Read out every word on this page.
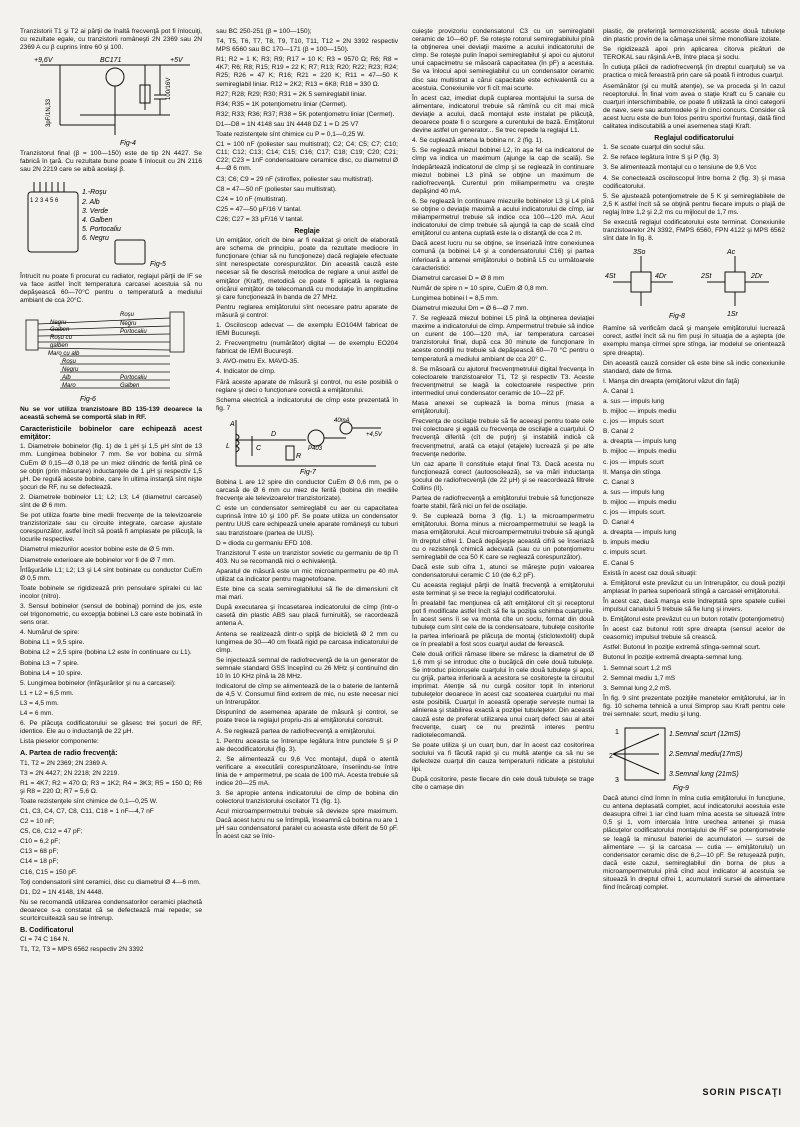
Tranzistorii T1 şi T2 ai părţii de înaltă frecvenţă pot fi înlocuiţi, cu rezultate egale, cu tranzistorii româneşti 2N 2369 sau 2N 2369 A cu β cuprins între 60 şi 100.

+9,6V	BC171	+5V
3pF/1N,33
100/16V
Fig-4

Tranzistorul final (β = 100—150) este de tip 2N 4427. Se fabrică în ţară. Cu rezultate bune poate fi înlocuit cu 2N 2116 sau 2N 2219 care se aibă acelaşi β.

1 2 3 4 5 6
1.-Roşu
2. Alb
3. Verde
4. Galben
5. Portocaliu
6. Negru
Fig-5

Întrucît nu poate fi procurat cu radiator, reglajul părţii de IF se va face astfel încît temperatura carcasei acestuia să nu depăşească 60—70°C pentru o temperatură a mediului ambiant de cca 20°C.

Roşu
Negru	Negru
Galben
Roşu cu
Portocaliu
galben
Maro cu alb
Roşu
Negru
Alb
Maro
Portocaliu
Galben
Fig-6

Nu se vor utiliza tranzistoare BD 135-139 deoarece la această schemă se comportă slab în RF.

Caracteristicile bobinelor care echipează acest emiţător:

1. Diametrele bobinelor (fig. 1) de 1 μH şi 1,5 μH sînt de 13 mm. Lungimea bobinelor 7 mm. Se vor bobina cu sîrmă CuEm Ø 0,15—Ø 0,18 pe un miez cilindric de ferită pînă ce se obţin (prin măsurare) inductanţele de 1 μH şi respectiv 1,5 μH. De regulă aceste bobine, care în ultima instanţă sînt nişte şocuri de RF, nu se defectează.

2. Diametrele bobinelor L1; L2; L3; L4 (diametrul carcasei) sînt de Ø 6 mm.

Se pot utiliza foarte bine medii frecvenţe de la televizoarele tranzistorizate sau cu circuite integrate, carcase ajustate corespunzător, astfel încît să poată fi amplasate pe plăcuţă, la locurile respective.

Diametrul miezurilor acestor bobine este de Ø 5 mm.

Diametrele exterioare ale bobinelor vor fi de Ø 7 mm.

Înfăşurările L1; L2; L3 şi L4 sînt bobinate cu conductor CuEm Ø 0,5 mm.

Toate bobinele se rigidizează prin pensulare spiralei cu lac incolor (nitro).

3. Sensul bobinelor (sensul de bobinaj) pornind de jos, este cel trigonometric, cu excepţia bobinei L3 care este bobinată în sens orar.

4. Numărul de spire:

Bobina L1 = 9,5 spire.

Bobina L2 = 2,5 spire (bobina L2 este în continuare cu L1).

Bobina L3 = 7 spire.

Bobina L4 = 10 spire.

5. Lungimea bobinelor (înfăşurărilor şi nu a carcasei):

L1 + L2 = 6,5 mm.

L3 = 4,5 mm.

L4 = 6 mm.

6. Pe plăcuţa codificatorului se găsesc trei şocuri de RF, identice. Ele au o inductanţă de 22 μH.

Lista pieselor componente:

A. Partea de radio frecvenţă:

T1, T2 = 2N 2369; 2N 2369 A.

T3 = 2N 4427; 2N 2218; 2N 2219.

R1 = 4K7; R2 = 470 Ω; R3 = 1K2; R4 = 3K3; R5 = 150 Ω; R6 şi R8 = 220 Ω; R7 = 5,6 Ω.

Toate rezistenţele sînt chimice de 0,1—0,25 W.

C1, C3, C4, C7, C8, C11, C18 = 1 nF—4,7 nF

C2 = 10 nF;

C5, C6, C12 = 47 pF;

C10 = 6,2 pF;

C13 = 68 pF;

C14 = 18 pF;

C16, C15 = 150 pF.

Toţi condensatorii sînt ceramici, disc cu diametrul Ø 4—6 mm.

D1, D2 = 1N 4148, 1N 4448.

Nu se recomandă utilizarea condensatorilor ceramici plachetă deoarece s-a constatat că se defectează mai repede; se scurtcircuitează sau se întrerup.

B. Codificatorul

CI = 74 C 164 N.

T1, T2, T3 = MPS 6562 respectiv 2N 3392

sau BC 250-251 (β = 100—150);

T4, T5, T6, T7, T8, T9, T10, T11, T12 = 2N 3392 respectiv MPS 6560 sau BC 170—171 (β = 100—150).

R1; R2 = 1 K; R3; R9; R17 = 10 K; R3 = 9570 Ω; R6; R8 = 4K7; R6; R8; R15; R19 = 22 K; R7; R13; R20; R22; R23; R24; R25; R26 = 47 K; R16; R21 = 220 K; R11 = 47—50 K semireglabil liniar. R12 = 2K2; R13 = 6K8; R18 = 330 Ω.

R27; R28; R29; R30; R31 = 2K 5 semireglabil liniar.

R34; R35 = 1K potenţiometru liniar (Cermet).

R32; R33; R36; R37; R38 = 5K potenţiometru liniar (Cermet).

D1—D8 = 1N 4148 sau 1N 4448 DZ 1 = D 25 V7

Toate rezistenţele sînt chimice cu P = 0,1—0,25 W.

C1 = 100 nF (poliester sau multistrat); C2; C4; C5; C7; C10; C11; C12; C13; C14; C15; C16; C17; C18; C19; C20; C21; C22; C23 = 1nF condensatoare ceramice disc, cu diametrul Ø 4—Ø 6 mm.

C3; C6; C9 = 29 nF (stiroflex, poliester sau multistrat).

C8 = 47—50 nF (poliester sau multistrat).

C24 = 10 nF (multistrat).

C25 = 47—50 μF/16 V tantal.

C26; C27 = 33 μF/16 V tantal.

Reglaje

Un emiţător, oricît de bine ar fi realizat şi oricît de elaborată are schema de principiu, poate da rezultate mediocre în funcţionare (chiar să nu funcţioneze) dacă reglajele efectuate sînt nerespectate corespunzător. Din această cauză este necesar să fie descrisă metodica de reglare a unui astfel de emiţător (Kraft), metodică ce poate fi aplicată la reglarea oricărui emiţător de telecomandă cu modulaţie în amplitudine şi care funcţionează în banda de 27 MHz.

Pentru reglarea emiţătorului sînt necesare patru aparate de măsură şi control:

1. Osciloscop adecvat — de exemplu EO104M fabricat de IEMI Bucureşti.

2. Frecvenţmetru (numărător) digital — de exemplu EO204 fabricat de IEMI Bucureşti.

3. AVO-metru Ex. MAVO-35.

4. Indicator de cîmp.

Fără aceste aparate de măsură şi control, nu este posibilă o reglare şi deci o funcţionare corectă a emiţătorului.

Schema electrică a indicatorului de cîmp este prezentată în fig. 7

A	40mA
+4,5V
P403
L	C
D
R
Fig-7

Bobina L are 12 spire din conductor CuEm Ø 0,6 mm, pe o carcasă de Ø 6 mm cu miez de ferită (bobina din mediile frecvenţe ale televizoarelor tranzistorizate).

C este un condensator semireglabil cu aer cu capacitatea cuprinsă între 10 şi 100 pF. Se poate utiliza un condensator pentru UUS care echipează unele aparate româneşti cu tuburi sau tranzistoare (partea de UUS).

D = dioda cu germaniu EFD 108.

Tranzistorul T este un tranzistor sovietic cu germaniu de tip П 403. Nu se recomandă nici o echivalenţă.

Aparatul de măsură este un mic microampermetru pe 40 mA utilizat ca indicator pentru magnetofoane.

Este bine ca scala semireglabilului să fie de dimensiuni cît mai mari.

După executarea şi încasetarea indicatorului de cîmp (într-o casetă din plastic ABS sau placă furniruită), se racordează antena A.

Antena se realizează dintr-o spiţă de bicicletă Ø 2 mm cu lungimea de 30—40 cm fixată rigid pe carcasa indicatorului de cîmp.

Se injectează semnal de radiofrecvenţă de la un generator de semnale standard GSS începînd cu 26 MHz şi continuînd din 10 în 10 KHz pînă la 28 MHz.

Indicatorul de cîmp se alimentează de la o baterie de lanternă de 4,5 V. Consumul fiind extrem de mic, nu este necesar nici un întrerupător.

Dispunînd de asemenea aparate de măsură şi control, se poate trece la reglajul propriu-zis al emiţătorului construit.

A. Se reglează partea de radiofrecvenţă a emiţătorului.

1. Pentru aceasta se întrerupe legătura între punctele S şi P ale decodificatorului (fig. 3).

2. Se alimentează cu 9,6 Vcc montajul, după o atentă verificare a executării corespunzătoare, înseriindu-se între linia de + ampermetrul, pe scala de 100 mA. Acesta trebuie să indice 20—25 mA.

3. Se apropie antena indicatorului de cîmp de bobina din colectorul tranzistorului oscilator T1 (fig. 1).

Acul microampermetrului trebuie să devieze spre maximum. Dacă acest lucru nu se întîmplă, înseamnă că bobina nu are 1 μH sau condensatorul paralel cu aceasta este diferit de 50 pF. În acest caz se înlo-

cuieşte provizoriu condensatorul C3 cu un semireglabil ceramic de 10—60 pF. Se roteşte rotorul semireglabilului pînă la obţinerea unei deviaţii maxime a acului indicatorului de cîmp. Se roteşte pulin înapoi semireglabilul şi apoi cu ajutorul unui capacimetru se măsoară capacitatea (în pF) a acestuia. Se va înlocui apoi semireglabilul cu un condensator ceramic disc sau multistrat a cărui capacitate este echivalentă cu a acestuia. Conexiunile vor fi cît mai scurte.

În acest caz, imediat după cuplarea montajului la sursa de alimentare, indicatorul trebuie să rămînă cu cît mai mică deviaţie a acului, dacă montajul este instalat pe plăcuţă, deoarece poate fi o scurgere a curentului de bază. Emiţătorul devine astfel un generator... Se trec repede la reglajul L1.

4. Se cuplează antena la bobina nr. 2 (fig. 1).

5. Se reglează miezul bobinei L2, în aşa fel ca indicatorul de cîmp va indica un maximum (ajunge la cap de scală). Se îndepărtează indicatorul de cîmp şi se reglează în continuare miezul bobinei L3 pînă se obţine un maximum de radiofrecvenţă. Curentul prin miliampermetru va creşte depăşind 40 mA.

6. Se reglează în continuare miezurile bobinelor L3 şi L4 pînă se obţine o deviaţie maximă a acului indicatorului de cîmp, iar miliampermetrul trebuie să indice cca 100—120 mA. Acul indicatorului de cîmp trebuie să ajungă la cap de scală cînd emiţătorul cu antena cuplată este la o distanţă de cca 2 m.

Dacă acest lucru nu se obţine, se înseriază între conexiunea comună (a bobinei L4 şi a condensatorului C16) şi partea inferioară a antenei emiţătorului o bobină L5 cu următoarele caracteristici:

Diametrul carcasei D = Ø 8 mm

Număr de spire n = 10 spire, CuEm Ø 0,8 mm.

Lungimea bobinei l = 8,5 mm.

Diametrul miezului Dm = Ø 6—Ø 7 mm.

7. Se reglează miezul bobinei L5 pînă la obţinerea deviaţiei maxime a indicatorului de cîmp. Ampermetrul trebuie să indice un curent de 100—120 mA, iar temperatura carcasei tranzistorului final, după cca 30 minute de funcţionare în aceste condiţii nu trebuie să depăşească 60—70 °C pentru o temperatură a mediului ambiant de cca 20° C.

8. Se măsoară cu ajutorul frecvenţmetrului digital frecvenţa în colectoarele tranzistoarelor T1, T2 şi respectiv T3. Aceste frecvenţmetrul se leagă la colectoarele respective prin intermediul unui condensator ceramic de 10—22 pF.

Masa anexei se cuplează la borna minus (masa a emiţătorului).

Frecvenţa de oscilaţie trebuie să fie aceeaşi pentru toate cele trei colectoare şi egală cu frecvenţa de oscilaţie a cuarţului. O frecvenţă diferită (cît de puţin) şi instabilă indică că frecvenţmetrul, arată ca etajul (etajele) lucrează şi pe alte frecvenţe nedorite.

Un caz aparte îl constituie etajul final T3. Dacă acesta nu funcţionează corect (autooscilează), se va mări inductanţa şocului de radiofrecvenţă (de 22 μH) şi se reacordează filtrele Collins (II).

Partea de radiofrecvenţă a emiţătorului trebuie să funcţioneze foarte stabil, fără nici un fel de oscilaţie.

9. Se cuplează borna 3 (fig. 1.) la microampermetru emiţătorului. Borna minus a microampermetrului se leagă la masa emiţătorului. Acul microampermetrului trebuie să ajungă în dreptul cifrei 1. Dacă depăşeşte această cifră se înseriază cu o rezistenţă chimică adecvată (sau cu un potenţiometru semireglabil de cca 50 K care se reglează corespunzător).

Dacă este sub cifra 1, atunci se măreşte puţin valoarea condensatorului ceramic C 10 (de 6,2 pF).

Cu aceasta reglajul părţii de înaltă frecvenţă a emiţătorului este terminat şi se trece la reglajul codificatorului.

În prealabil fac menţiunea că atît emiţătorul cît şi receptorul pot fi modificate astfel încît să fie la poziţia schimba cuarţurile. În acest sens îi se va monta cîte un soclu, format din două tubuleţe cum sînt cele de la condensatoare, tubuleţe cositorite la partea inferioară pe plăcuţa de montaj (sticlotextolit) după ce în prealabil a fost scos cuarţul audat de ferească.

Cele două orificii rămase libere se măresc la diametrul de Ø 1,6 mm şi se introduc cîte o bucăţică din cele două tubuleţe. Se introduc piciorușele cuarţului în cele două tubuleţe şi apoi, cu grijă, partea inferioară a acestora se cositoreşte la circuitul imprimat. Atenţie să nu curgă cositor topit în interiorul tubuleţelor deoarece în acest caz scoaterea cuarţului nu mai este posibilă. Cuarţul în această operaţie servește numai la alinierea şi stabilirea exactă a poziţiei tubuleţelor. Din această cauză este de preferat utilizarea unui cuarţ defect sau al altei frecvenţe, cuarţ ce nu prezintă interes pentru radiotelecomandă.

Se poate utiliza şi un cuarţ bun, dar în acest caz cositorirea soclului va fi făcută rapid şi cu multă atenţie ca să nu se defecteze cuarţul din cauza temperaturii ridicate a pistolului lipi.

După cositorire, peste fiecare din cele două tubuleţe se trage cîte o camașe din

plastic, de preferinţă termorezistentă; aceste două tubuleţe din plastic provin de la cămaşa unei sîrme monofilare izolate.

Se rigidizează apoi prin aplicarea cîtorva picături de TEROKAL sau răşină A+B, între placa şi soclu.

În cutiuţa plăcii de radiofrecvenţă (în dreptul cuarţului) se va practica o mică fereastră prin care să poată fi introdus cuarţul.

Asemănător (şi cu multă atenţie), se va proceda şi în cazul receptorului. În final vom avea o staţie Kraft cu 5 canale cu cuarţuri interschimbabile, ce poate fi utilizată la cinci categorii de nave, sere sau automodele şi în cinci concurs. Consider că acest lucru este de bun folos pentru sportivi fruntaşi, dată fiind calitatea indiscutabilă a unei asemenea staţii Kraft.

Reglajul codificatorului

1. Se scoate cuarţul din soclul său.

2. Se reface legătura între S şi P (fig. 3)

3. Se alimentează montajul cu o tensiune de 9,6 Vcc

4. Se conectează osciloscopul între borna 2 (fig. 3) şi masa codificatorului.

5. Se ajustează potenţiometrele de 5 K şi semireglabilele de 2,5 K astfel încît să se obţină pentru fiecare impuls o plajă de reglaj între 1,2 şi 2,2 ms cu mijlocul de 1,7 ms.

Se execută reglajul codificatorului este terminat. Conexiunile tranzistoarelor 2N 3392, FMPS 6560, FPN 4122 şi MPS 6562 sînt date în fig. 8.

3So	Ac
4St	4Dr	2St	2Dr
1Sr
Fig-8

Ramîne să verificăm dacă şi manşele emiţătorului lucrează corect, astfel încît să nu fim puşi în situaţia de a aştepta (de exemplu manşa cîrmei spre stînga, iar modelul se orientează spre dreapta).

Din această cauză consider că este bine să indic conexiunile standard, date de firma.

I. Manşa din dreapta (emiţătorul văzut din faţă)

A. Canal 1

a. sus — impuls lung

b. mijloc — impuls mediu

c. jos — impuls scurt

B. Canal 2

a. dreapta — impuls lung

b. mijloc — impuls mediu

c. jos — impuls scurt

II. Manşa din stînga

C. Canal 3

a. sus — impuls lung

b. mijloc — impuls mediu

c. jos — impuls scurt.

D. Canal 4

a. dreapta — impuls lung

b. impuls mediu

c. impuls scurt.

E. Canal 5

Există în acest caz două situaţii:

a. Emiţătorul este prevăzut cu un întrerupător, cu două poziţii amplasat în partea superioară stîngă a carcasei emiţătorului.

În acest caz, dacă manşa este îndreptată spre spatele cuiliei impulsul canalului 5 trebuie să fie lung şi invers.

b. Emiţătorul este prevăzut cu un buton rotativ (potenţiometru)

În acest caz butonul rotit spre dreapta (sensul acelor de ceasornic) impulsul trebuie să crească.

Astfel: Butonul în poziţie extremă stînga-semnal scurt.

Butonul în poziţie extremă dreapta-semnal lung.

1. Semnal scurt 1,2 mS

2. Semnal mediu 1,7 mS

3. Semnal lung 2,2 mS.

În fig. 9 sînt prezentate poziţiile manetelor emiţătorului, iar în fig. 10 schema tehnică a unui Simprop sau Kraft pentru cele trei semnale: scurt, mediu şi lung.

1
2
3
1.Semnal scurt (12mS)
2.Semnal mediu(17mS)
3.Semnal lung (21mS)
Fig-9

Dacă atunci cînd înmn în mîna cutia emiţătorului în funcţiune, cu antena deplasată complet, acul indicatorului acestuia este deasupra cifrei 1 iar cînd luam mîna acesta se situează între 0,5 şi 1, vom intercala între urechea antenei şi masa plăcuţelor codificatorului montajului de RF se potenţiometrele se leagă la minusul bateriei de acumulatori — sursei de alimentare — şi la carcasa — cutia — emiţătorului) un condensator ceramic disc de 6,2—10 pF. Se retuşează puţin, dacă este cazul, semireglabilul din borna de plus a microampermetrului pînă cînd acul indicator al acestuia se situează în dreptul cifrei 1, acumulatorii sursei de alimentare fiind încărcaţi complet.

SORIN PISCAŢI
